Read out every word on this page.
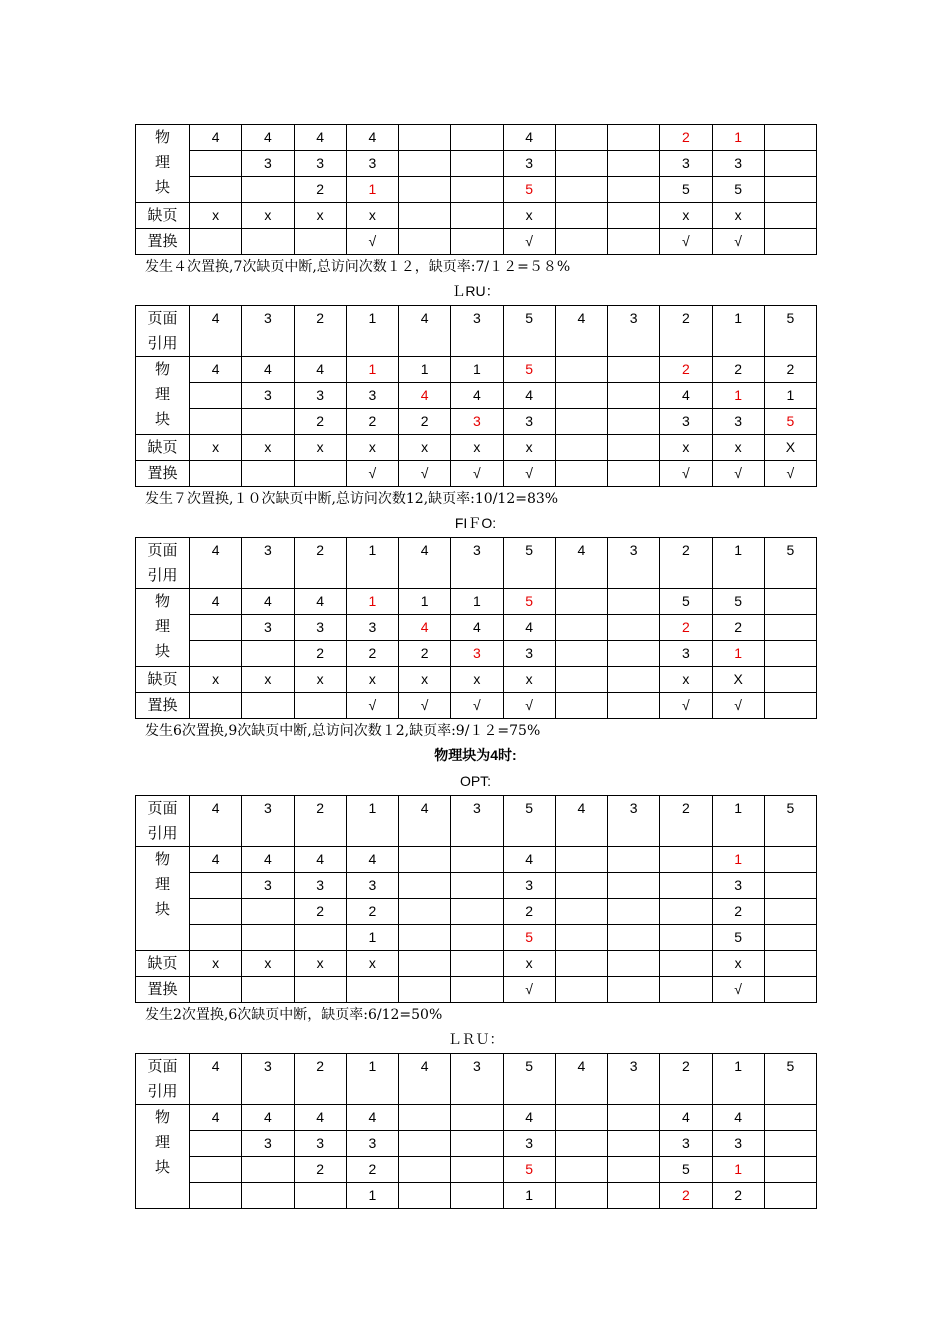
物
理
块	4	4	4	4			4			2	1	
		3	3	3			3			3	3	
			2	1			5			5	5	
缺页	x	x	x	x			x			x	x	
置换				√			√			√	√	
发生４次置换,7次缺页中断,总访问次数１２，缺页率:7/１２=５８%
ＬRU：
页面
引用	4	3	2	1	4	3	5	4	3	2	1	5

物
理
块	4	4	4	1	1	1	5			2	2	2
		3	3	3	4	4	4			4	1	1
			2	2	2	3	3			3	3	5
缺页	x	x	x	x	x	x	x			x	x	X
置换				√	√	√	√			√	√	√
发生７次置换,１０次缺页中断,总访问次数12,缺页率:10/12=83%
FIＦO:
页面
引用	4	3	2	1	4	3	5	4	3	2	1	5

物
理
块	4	4	4	1	1	1	5			5	5	
		3	3	3	4	4	4			2	2	
			2	2	2	3	3			3	1	
缺页	x	x	x	x	x	x	x			x	X	
置换				√	√	√	√			√	√	
发生6次置换,9次缺页中断,总访问次数１2,缺页率:9/１２=75%
物理块为4时:
OPT:
页面
引用	4	3	2	1	4	3	5	4	3	2	1	5

物
理
块	4	4	4	4			4				1	
		3	3	3			3				3	
			2	2			2				2	
				1			5				5	
缺页	x	x	x	x			x				x	
置换							√				√	
发生2次置换,6次缺页中断，缺页率:6/12=50%
ＬＲＵ：
页面
引用	4	3	2	1	4	3	5	4	3	2	1	5

物
理
块	4	4	4	4			4			4	4	
		3	3	3			3			3	3	
			2	2			5			5	1	
				1			1			2	2	
